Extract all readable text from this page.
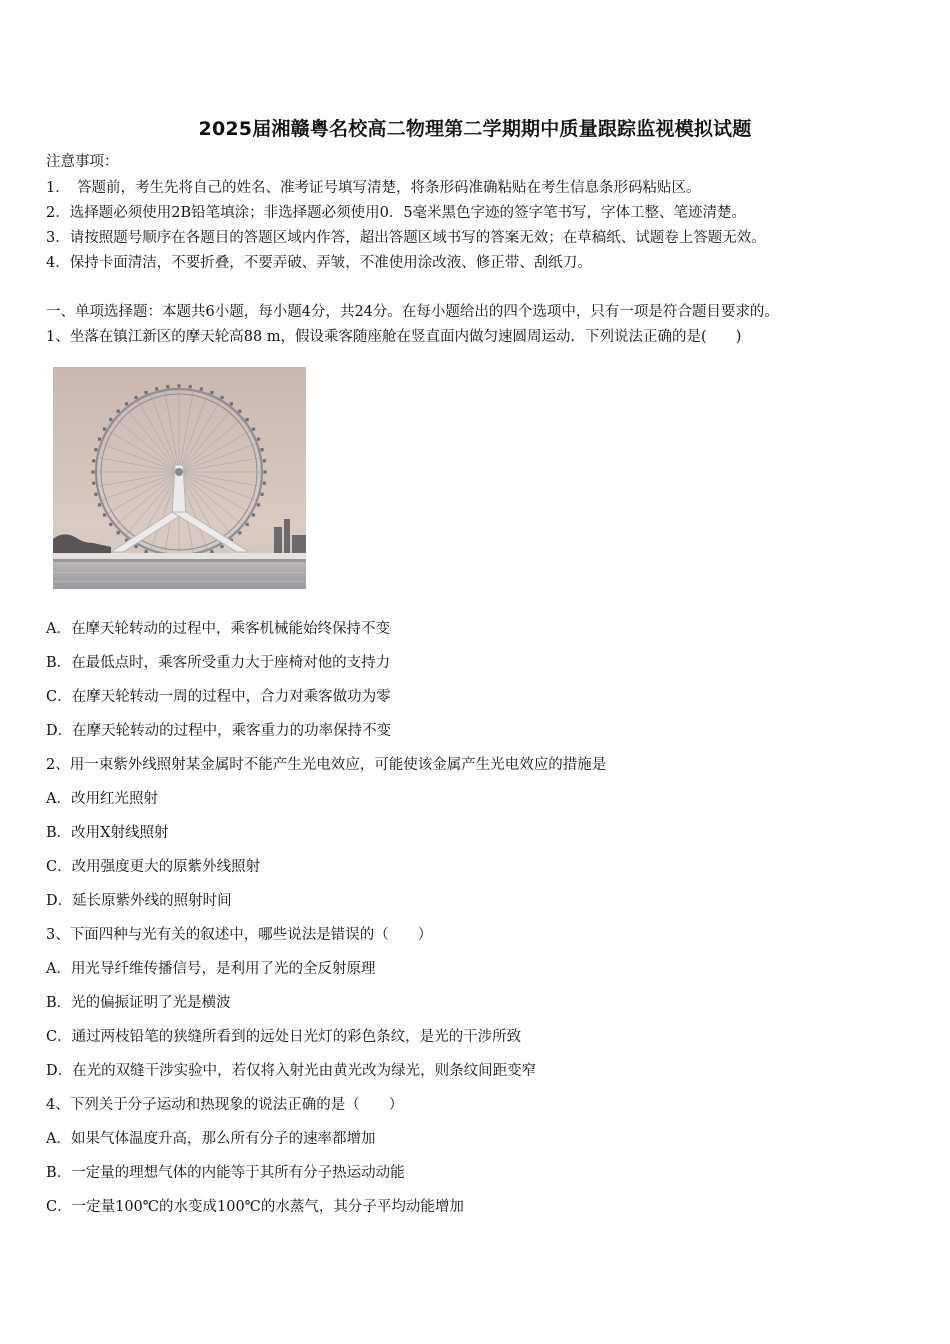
2025届湘赣粤名校高二物理第二学期期中质量跟踪监视模拟试题
注意事项：
1．　答题前，考生先将自己的姓名、准考证号填写清楚，将条形码准确粘贴在考生信息条形码粘贴区。
2．选择题必须使用2B铅笔填涂；非选择题必须使用0．5毫米黑色字迹的签字笔书写，字体工整、笔迹清楚。
3．请按照题号顺序在各题目的答题区域内作答，超出答题区域书写的答案无效；在草稿纸、试题卷上答题无效。
4．保持卡面清洁，不要折叠，不要弄破、弄皱，不准使用涂改液、修正带、刮纸刀。
一、单项选择题：本题共6小题，每小题4分，共24分。在每小题给出的四个选项中，只有一项是符合题目要求的。
1、坐落在镇江新区的摩天轮高88 m，假设乘客随座舱在竖直面内做匀速圆周运动．下列说法正确的是(　　)
A．在摩天轮转动的过程中，乘客机械能始终保持不变
B．在最低点时，乘客所受重力大于座椅对他的支持力
C．在摩天轮转动一周的过程中，合力对乘客做功为零
D．在摩天轮转动的过程中，乘客重力的功率保持不变
2、用一束紫外线照射某金属时不能产生光电效应，可能使该金属产生光电效应的措施是
A．改用红光照射
B．改用X射线照射
C．改用强度更大的原紫外线照射
D．延长原紫外线的照射时间
3、下面四种与光有关的叙述中，哪些说法是错误的（　　）
A．用光导纤维传播信号，是利用了光的全反射原理
B．光的偏振证明了光是横波
C．通过两枝铅笔的狭缝所看到的远处日光灯的彩色条纹，是光的干涉所致
D．在光的双缝干涉实验中，若仅将入射光由黄光改为绿光，则条纹间距变窄
4、下列关于分子运动和热现象的说法正确的是（　　）
A．如果气体温度升高，那么所有分子的速率都增加
B．一定量的理想气体的内能等于其所有分子热运动动能
C．一定量100℃的水变成100℃的水蒸气，其分子平均动能增加
